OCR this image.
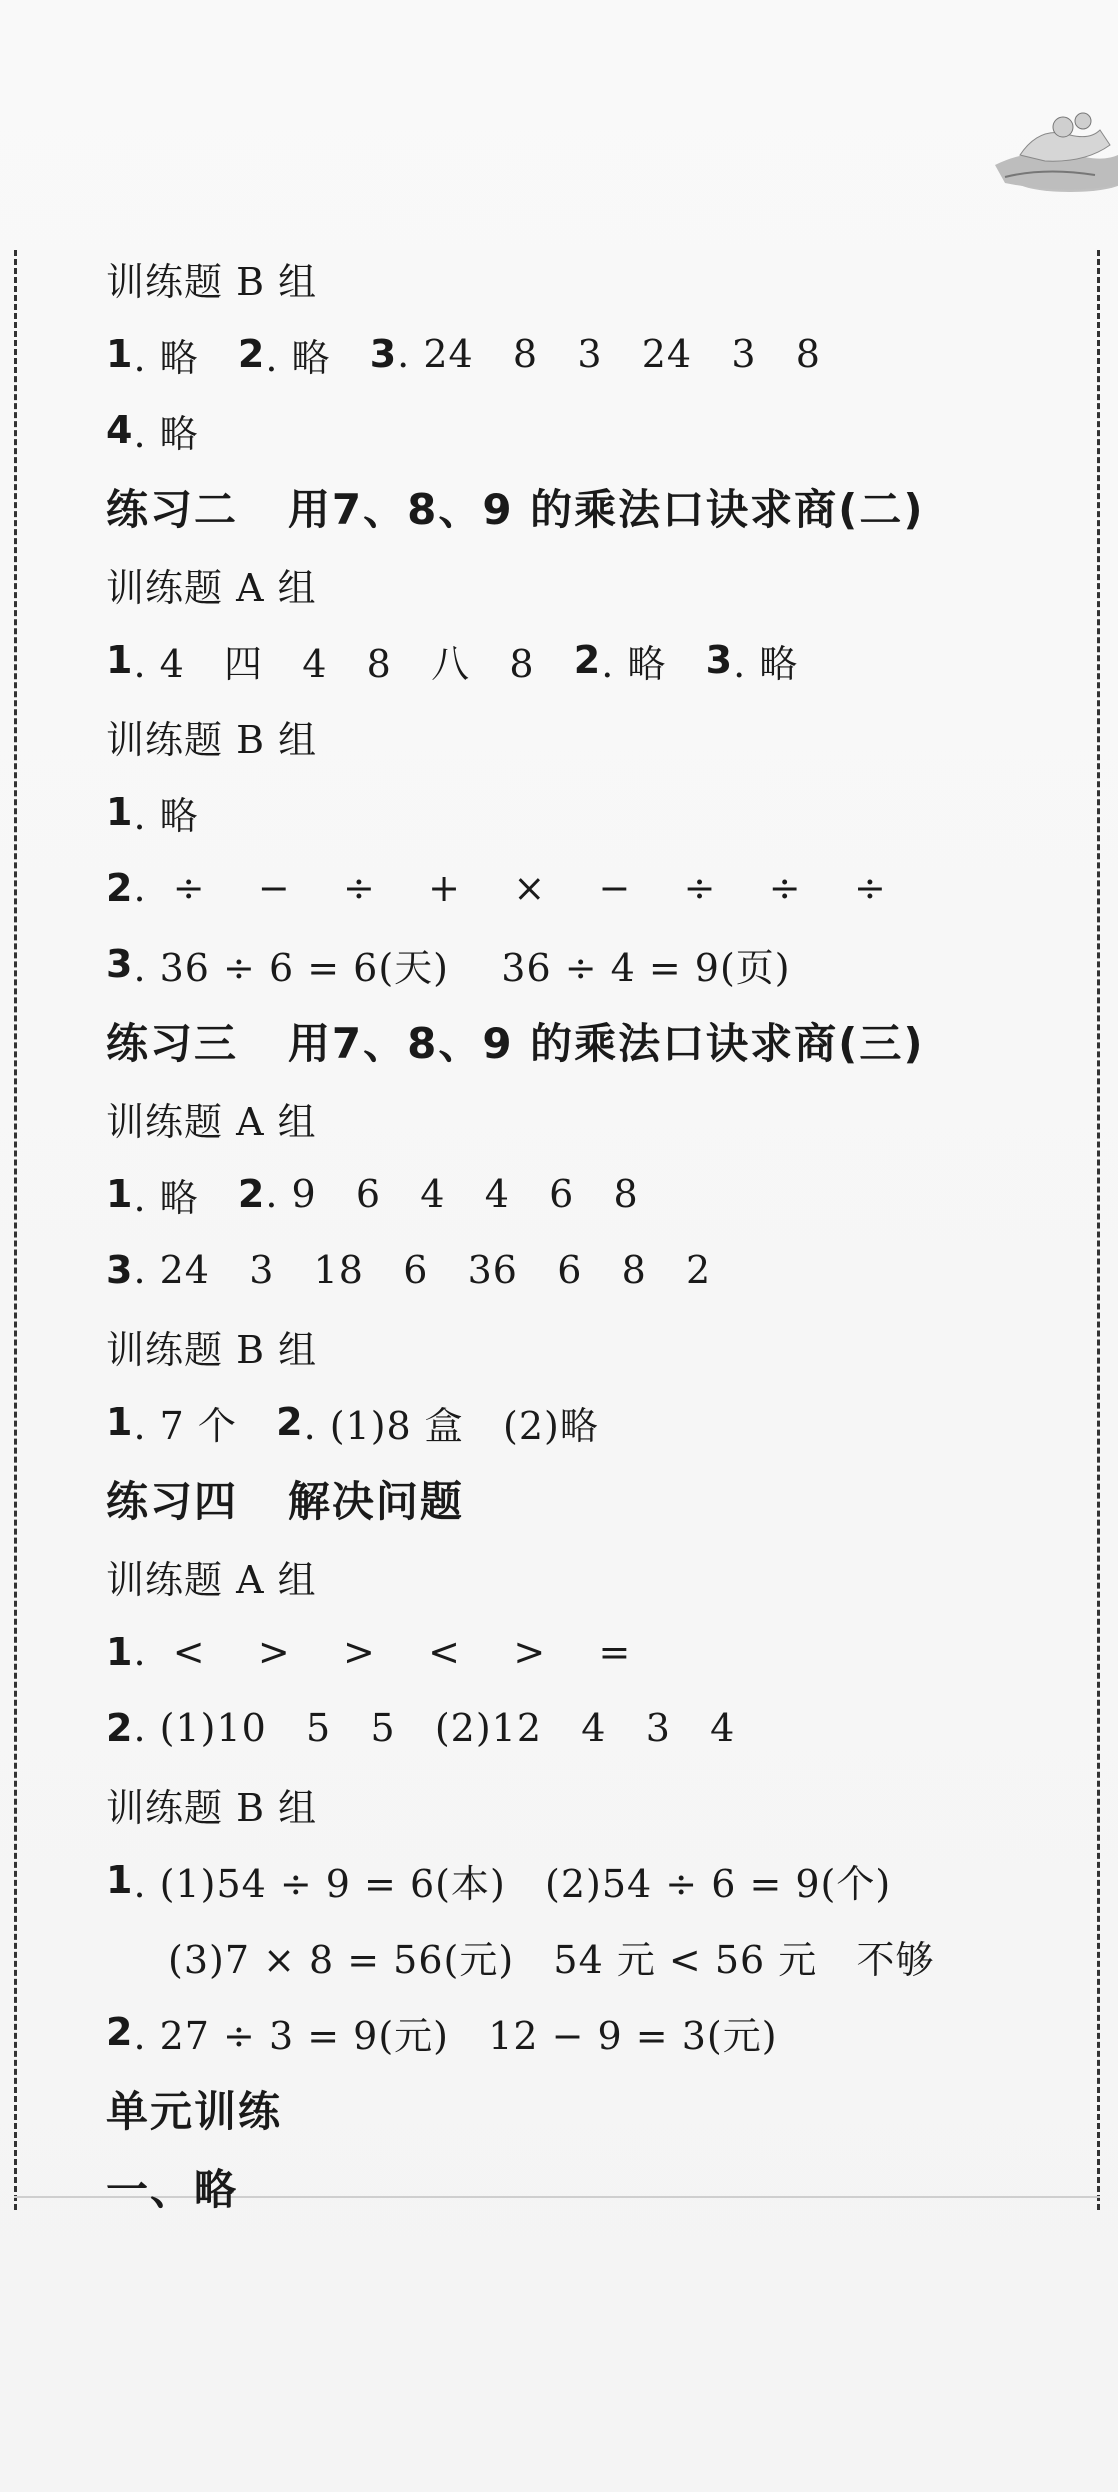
训练题 B 组
1 . 略 2 . 略 3 . 24   8   3   24   3   8
4 . 略
练习二   用7、8、9 的乘法口诀求商(二)
训练题 A 组
1 . 4   四   4   8   八   8 2 . 略 3 . 略
训练题 B 组
1 . 略
2 .  ÷    −    ÷    +    ×    −    ÷    ÷    ÷
3 . 36 ÷ 6 = 6(天)    36 ÷ 4 = 9(页)
练习三   用7、8、9 的乘法口诀求商(三)
训练题 A 组
1 . 略 2 . 9   6   4   4   6   8
3 . 24   3   18   6   36   6   8   2
训练题 B 组
1 . 7 个 2 . (1)8 盒   (2)略
练习四   解决问题
训练题 A 组
1 .  <    >    >    <    >    =
2 . (1)10   5   5   (2)12   4   3   4
训练题 B 组
1 . (1)54 ÷ 9 = 6(本)   (2)54 ÷ 6 = 9(个)
(3)7 × 8 = 56(元)   54 元 < 56 元   不够
2 . 27 ÷ 3 = 9(元)   12 − 9 = 3(元)
单元训练
一、略
